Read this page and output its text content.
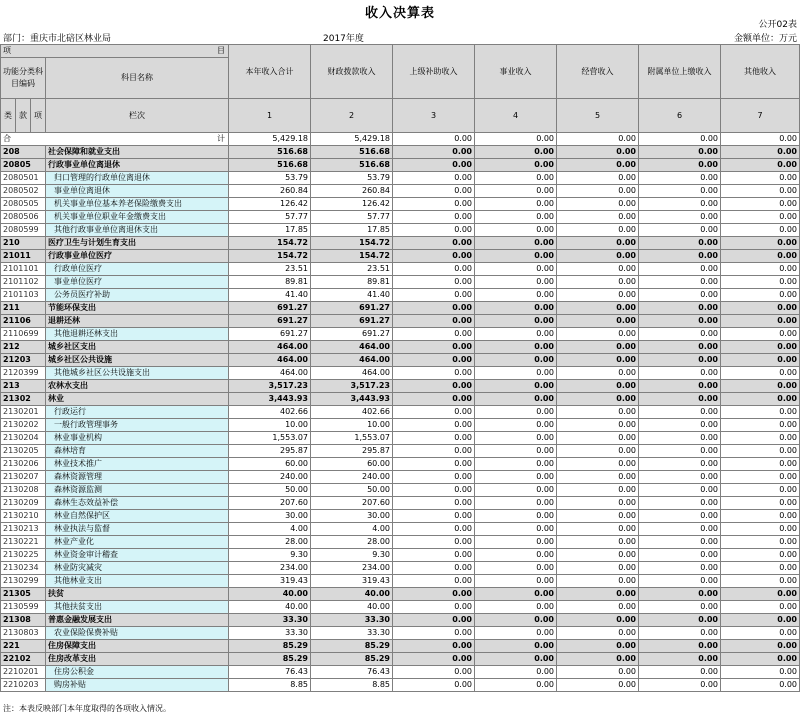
收入决算表
公开02表
部门：重庆市北碚区林业局	2017年度	金额单位：万元
项 目				本年收入合计	财政拨款收入	上级补助收入	事业收入	经营收入	附属单位上缴收入	其他收入
功能分类科目编码			科目名称							
类	款	项								
			栏次	1	2	3	4	5	6	7
合 计				5,429.18	5,429.18	0.00	0.00	0.00	0.00	0.00
208			社会保障和就业支出	516.68	516.68	0.00	0.00	0.00	0.00	0.00
20805			行政事业单位离退休	516.68	516.68	0.00	0.00	0.00	0.00	0.00
2080501			归口管理的行政单位离退休	53.79	53.79	0.00	0.00	0.00	0.00	0.00
2080502			事业单位离退休	260.84	260.84	0.00	0.00	0.00	0.00	0.00
2080505			机关事业单位基本养老保险缴费支出	126.42	126.42	0.00	0.00	0.00	0.00	0.00
2080506			机关事业单位职业年金缴费支出	57.77	57.77	0.00	0.00	0.00	0.00	0.00
2080599			其他行政事业单位离退休支出	17.85	17.85	0.00	0.00	0.00	0.00	0.00
210			医疗卫生与计划生育支出	154.72	154.72	0.00	0.00	0.00	0.00	0.00
21011			行政事业单位医疗	154.72	154.72	0.00	0.00	0.00	0.00	0.00
2101101			行政单位医疗	23.51	23.51	0.00	0.00	0.00	0.00	0.00
2101102			事业单位医疗	89.81	89.81	0.00	0.00	0.00	0.00	0.00
2101103			公务员医疗补助	41.40	41.40	0.00	0.00	0.00	0.00	0.00
211			节能环保支出	691.27	691.27	0.00	0.00	0.00	0.00	0.00
21106			退耕还林	691.27	691.27	0.00	0.00	0.00	0.00	0.00
2110699			其他退耕还林支出	691.27	691.27	0.00	0.00	0.00	0.00	0.00
212			城乡社区支出	464.00	464.00	0.00	0.00	0.00	0.00	0.00
21203			城乡社区公共设施	464.00	464.00	0.00	0.00	0.00	0.00	0.00
2120399			其他城乡社区公共设施支出	464.00	464.00	0.00	0.00	0.00	0.00	0.00
213			农林水支出	3,517.23	3,517.23	0.00	0.00	0.00	0.00	0.00
21302			林业	3,443.93	3,443.93	0.00	0.00	0.00	0.00	0.00
2130201			行政运行	402.66	402.66	0.00	0.00	0.00	0.00	0.00
2130202			一般行政管理事务	10.00	10.00	0.00	0.00	0.00	0.00	0.00
2130204			林业事业机构	1,553.07	1,553.07	0.00	0.00	0.00	0.00	0.00
2130205			森林培育	295.87	295.87	0.00	0.00	0.00	0.00	0.00
2130206			林业技术推广	60.00	60.00	0.00	0.00	0.00	0.00	0.00
2130207			森林资源管理	240.00	240.00	0.00	0.00	0.00	0.00	0.00
2130208			森林资源监测	50.00	50.00	0.00	0.00	0.00	0.00	0.00
2130209			森林生态效益补偿	207.60	207.60	0.00	0.00	0.00	0.00	0.00
2130210			林业自然保护区	30.00	30.00	0.00	0.00	0.00	0.00	0.00
2130213			林业执法与监督	4.00	4.00	0.00	0.00	0.00	0.00	0.00
2130221			林业产业化	28.00	28.00	0.00	0.00	0.00	0.00	0.00
2130225			林业资金审计稽查	9.30	9.30	0.00	0.00	0.00	0.00	0.00
2130234			林业防灾减灾	234.00	234.00	0.00	0.00	0.00	0.00	0.00
2130299			其他林业支出	319.43	319.43	0.00	0.00	0.00	0.00	0.00
21305			扶贫	40.00	40.00	0.00	0.00	0.00	0.00	0.00
2130599			其他扶贫支出	40.00	40.00	0.00	0.00	0.00	0.00	0.00
21308			普惠金融发展支出	33.30	33.30	0.00	0.00	0.00	0.00	0.00
2130803			农业保险保费补贴	33.30	33.30	0.00	0.00	0.00	0.00	0.00
221			住房保障支出	85.29	85.29	0.00	0.00	0.00	0.00	0.00
22102			住房改革支出	85.29	85.29	0.00	0.00	0.00	0.00	0.00
2210201			住房公积金	76.43	76.43	0.00	0.00	0.00	0.00	0.00
2210203			购房补贴	8.85	8.85	0.00	0.00	0.00	0.00	0.00
注：本表反映部门本年度取得的各项收入情况。
